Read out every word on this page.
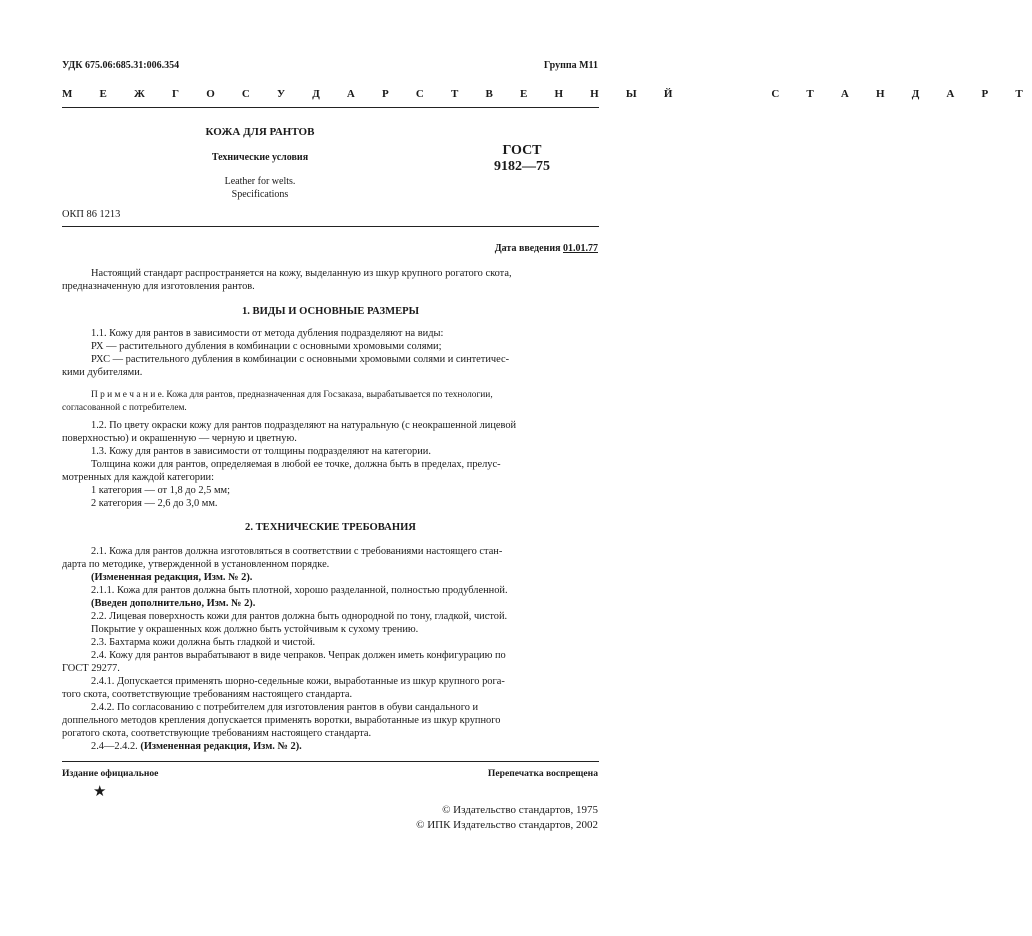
УДК 675.06:685.31:006.354	Группа М11
М Е Ж Г О С У Д А Р С Т В Е Н Н Ы Й     С Т А Н Д А Р Т
КОЖА ДЛЯ РАНТОВ
Технические условия
Leather for welts.
Specifications
ГОСТ
9182—75
ОКП 86 1213
Дата введения 01.01.77
Настоящий стандарт распространяется на кожу, выделанную из шкур крупного рогатого скота,
предназначенную для изготовления рантов.
1. ВИДЫ И ОСНОВНЫЕ РАЗМЕРЫ
1.1. Кожу для рантов в зависимости от метода дубления подразделяют на виды:
РХ — растительного дубления в комбинации с основными хромовыми солями;
РХС — растительного дубления в комбинации с основными хромовыми солями и синтетичес-
кими дубителями.
П р и м е ч а н и е. Кожа для рантов, предназначенная для Госзаказа, вырабатывается по технологии,
согласованной с потребителем.
1.2. По цвету окраски кожу для рантов подразделяют на натуральную (с неокрашенной лицевой
поверхностью) и окрашенную — черную и цветную.
1.3. Кожу для рантов в зависимости от толщины подразделяют на категории.
Толщина кожи для рантов, определяемая в любой ее точке, должна быть в пределах, прелус-
мотренных для каждой категории:
1 категория — от 1,8 до 2,5 мм;
2 категория — 2,6 до 3,0 мм.
2. ТЕХНИЧЕСКИЕ ТРЕБОВАНИЯ
2.1. Кожа для рантов должна изготовляться в соответствии с требованиями настоящего стан-
дарта по методике, утвержденной в установленном порядке.
(Измененная редакция, Изм. № 2).
2.1.1. Кожа для рантов должна быть плотной, хорошо разделанной, полностью продубленной.
(Введен дополнительно, Изм. № 2).
2.2. Лицевая поверхность кожи для рантов должна быть однородной по тону, гладкой, чистой.
Покрытие у окрашенных кож должно быть устойчивым к сухому трению.
2.3. Бахтарма кожи должна быть гладкой и чистой.
2.4. Кожу для рантов вырабатывают в виде чепраков. Чепрак должен иметь конфигурацию по
ГОСТ 29277.
2.4.1. Допускается применять шорно-седельные кожи, выработанные из шкур крупного рога-
того скота, соответствующие требованиям настоящего стандарта.
2.4.2. По согласованию с потребителем для изготовления рантов в обуви сандального и
доппельного методов крепления допускается применять воротки, выработанные из шкур крупного
рогатого скота, соответствующие требованиям настоящего стандарта.
2.4—2.4.2. (Измененная редакция, Изм. № 2).
Издание официальное	Перепечатка воспрещена
★
© Издательство стандартов, 1975
© ИПК Издательство стандартов, 2002
